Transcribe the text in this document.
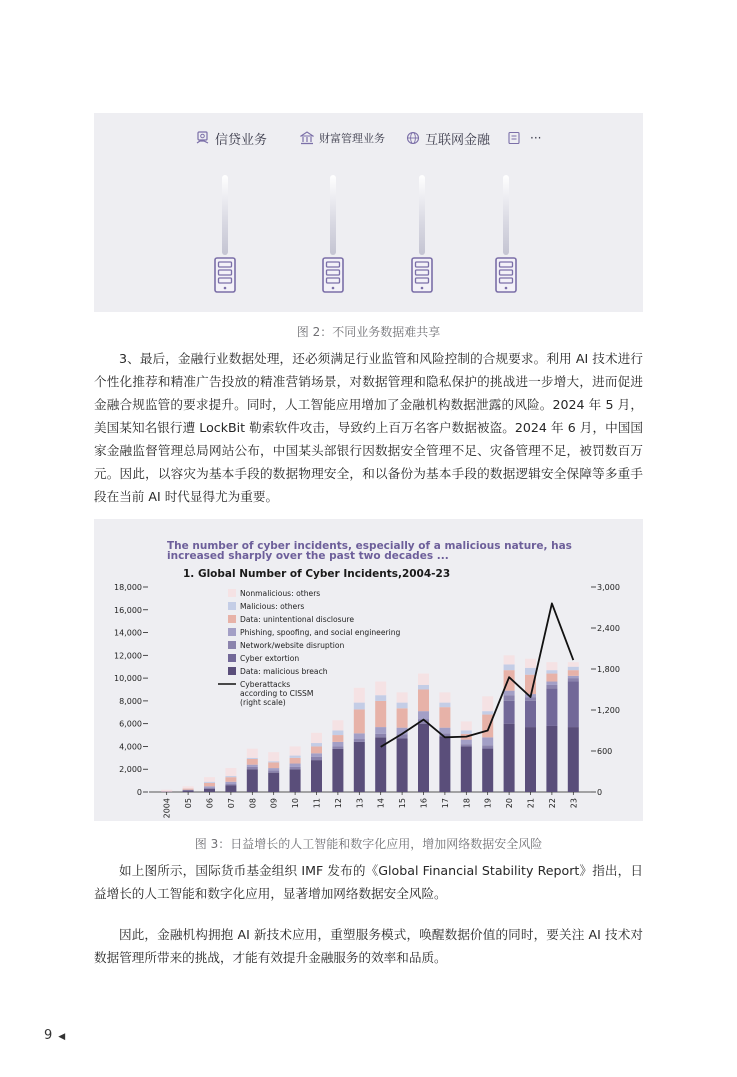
信贷业务	财富管理业务	互联网金融	···
图 2：不同业务数据难共享

3、最后，金融行业数据处理，还必须满足行业监管和风险控制的合规要求。利用 AI 技术进行个性化推荐和精准广告投放的精准营销场景，对数据管理和隐私保护的挑战进一步增大，进而促进金融合规监管的要求提升。同时，人工智能应用增加了金融机构数据泄露的风险。2024 年 5 月，美国某知名银行遭 LockBit 勒索软件攻击，导致约上百万名客户数据被盗。2024 年 6 月，中国国家金融监督管理总局网站公布，中国某头部银行因数据安全管理不足、灾备管理不足，被罚数百万元。因此，以容灾为基本手段的数据物理安全，和以备份为基本手段的数据逻辑安全保障等多重手段在当前 AI 时代显得尤为重要。

The number of cyber incidents, especially of a malicious nature, has
increased sharply over the past two decades ...
1. Global Number of Cyber Incidents,2004-23
18,000
16,000
14,000
12,000
10,000
8,000
6,000
4,000
2,000
0
3,000
2,400
1,800
1,200
600
0
2004 05 06 07 08 09 10 11 12 13 14 15 16 17 18 19 20 21 22 23
Nonmalicious: others
Malicious: others
Data: unintentional disclosure
Phishing, spoofing, and social engineering
Network/website disruption
Cyber extortion
Data: malicious breach
Cyberattacks
according to CISSM
(right scale)
图 3：日益增长的人工智能和数字化应用，增加网络数据安全风险

如上图所示，国际货币基金组织 IMF 发布的《Global Financial Stability Report》指出，日益增长的人工智能和数字化应用，显著增加网络数据安全风险。

因此，金融机构拥抱 AI 新技术应用，重塑服务模式，唤醒数据价值的同时，要关注 AI 技术对数据管理所带来的挑战，才能有效提升金融服务的效率和品质。

9 ◀
